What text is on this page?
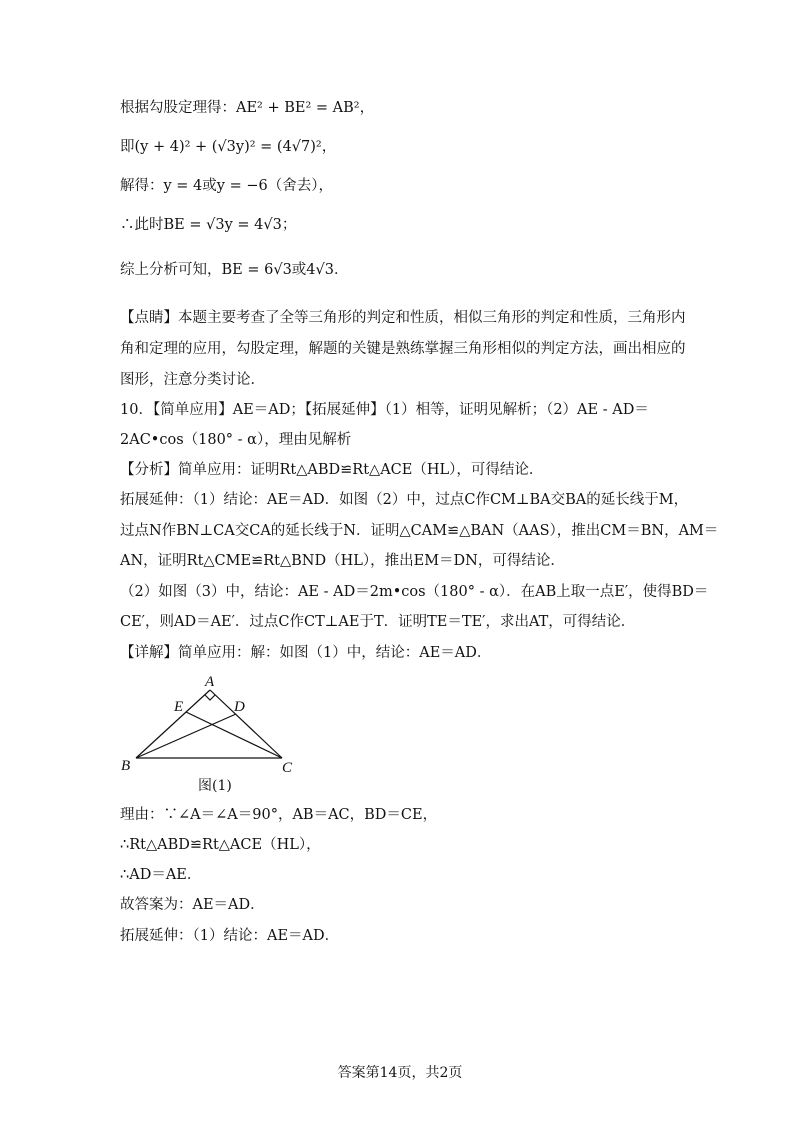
根据勾股定理得：AE² + BE² = AB²，
即(y + 4)² + (√3y)² = (4√7)²，
解得：y = 4或y = −6（舍去），
∴此时BE = √3y = 4√3；
综上分析可知，BE = 6√3或4√3．
【点睛】本题主要考查了全等三角形的判定和性质，相似三角形的判定和性质，三角形内
角和定理的应用，勾股定理，解题的关键是熟练掌握三角形相似的判定方法，画出相应的
图形，注意分类讨论．
10．【简单应用】AE＝AD；【拓展延伸】（1）相等，证明见解析；（2）AE - AD＝
2AC•cos（180° - α），理由见解析
【分析】简单应用：证明Rt△ABD≌Rt△ACE（HL），可得结论．
拓展延伸：（1）结论：AE＝AD．如图（2）中，过点C作CM⊥BA交BA的延长线于M，
过点N作BN⊥CA交CA的延长线于N．证明△CAM≌△BAN（AAS），推出CM＝BN，AM＝
AN，证明Rt△CME≌Rt△BND（HL），推出EM＝DN，可得结论．
（2）如图（3）中，结论：AE - AD＝2m•cos（180° - α）．在AB上取一点E′，使得BD＝
CE′，则AD＝AE′．过点C作CT⊥AE于T．证明TE＝TE′，求出AT，可得结论．
【详解】简单应用：解：如图（1）中，结论：AE＝AD．
A
E	D
B	C
图(1)
理由：∵∠A＝∠A＝90°，AB＝AC，BD＝CE，
∴Rt△ABD≌Rt△ACE（HL），
∴AD＝AE．
故答案为：AE＝AD．
拓展延伸：（1）结论：AE＝AD．
答案第14页，共2页
